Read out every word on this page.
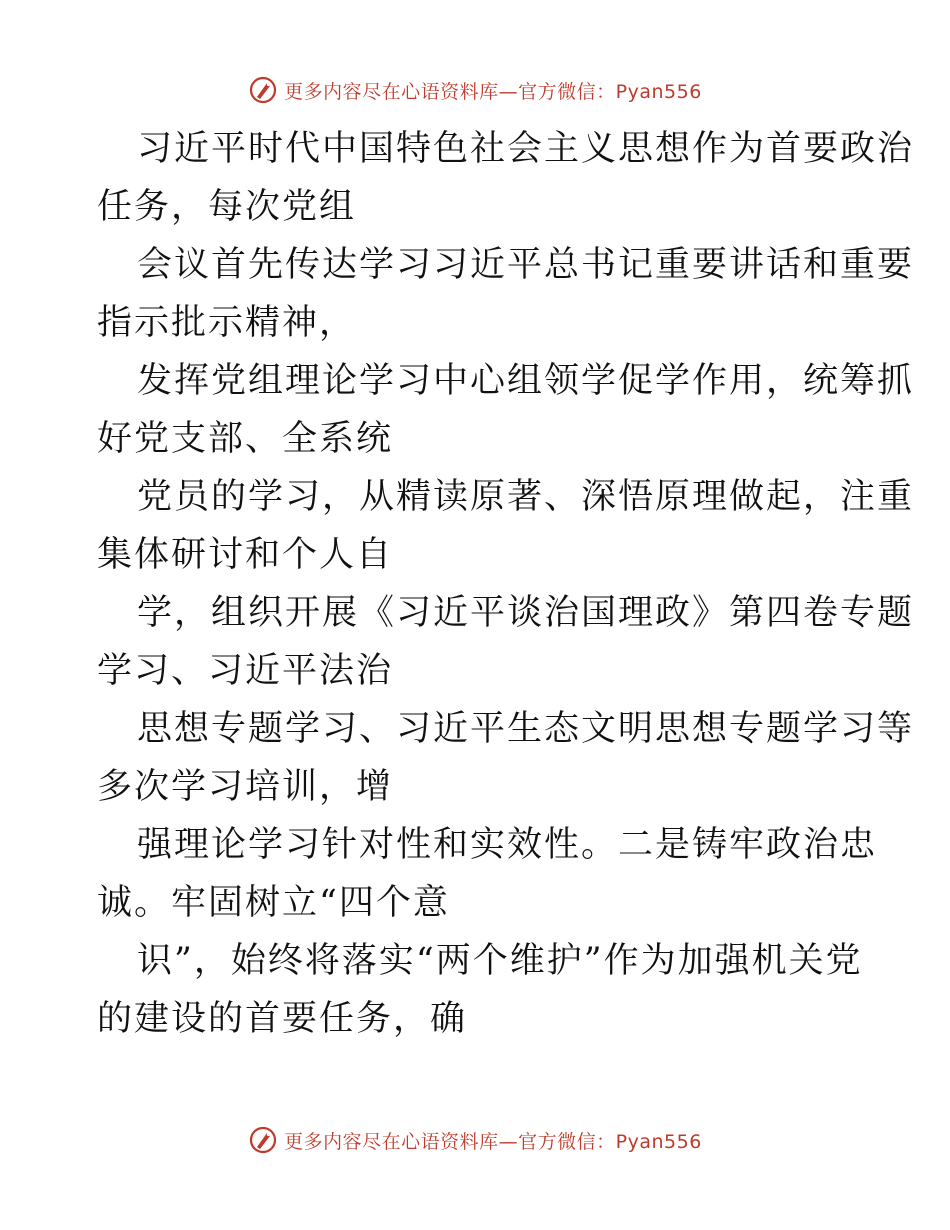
更多内容尽在心语资料库—官方微信：Pyan556

习近平时代中国特色社会主义思想作为首要政治
任务，每次党组

会议首先传达学习习近平总书记重要讲话和重要
指示批示精神，

发挥党组理论学习中心组领学促学作用，统筹抓
好党支部、全系统

党员的学习，从精读原著、深悟原理做起，注重
集体研讨和个人自

学，组织开展《习近平谈治国理政》第四卷专题
学习、习近平法治

思想专题学习、习近平生态文明思想专题学习等
多次学习培训，增

强理论学习针对性和实效性。二是铸牢政治忠
诚。牢固树立“四个意

识”，始终将落实“两个维护”作为加强机关党
的建设的首要任务，确

更多内容尽在心语资料库—官方微信：Pyan556
